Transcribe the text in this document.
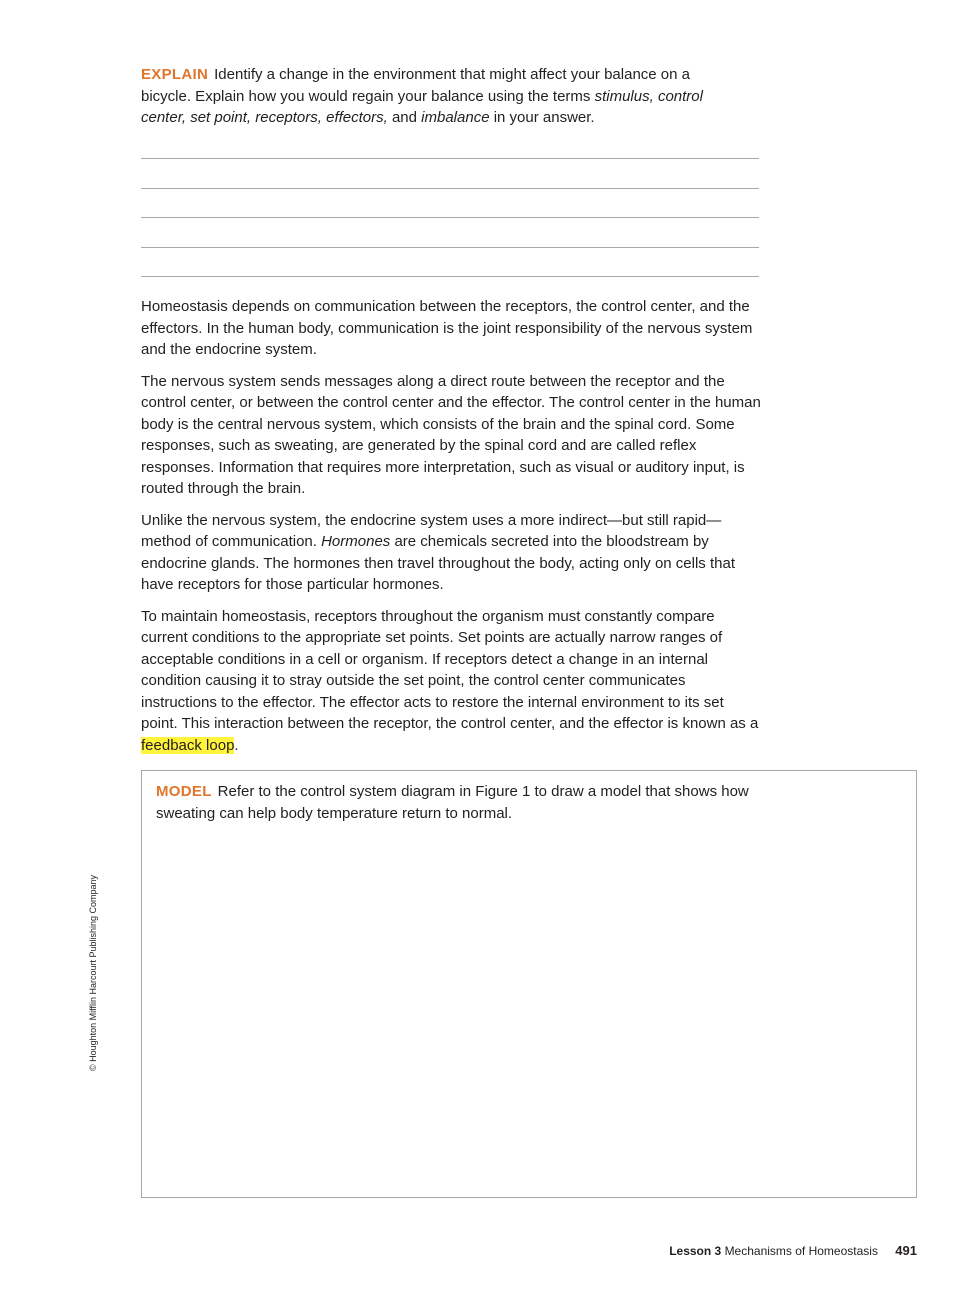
EXPLAIN Identify a change in the environment that might affect your balance on a bicycle. Explain how you would regain your balance using the terms stimulus, control center, set point, receptors, effectors, and imbalance in your answer.

Homeostasis depends on communication between the receptors, the control center, and the effectors. In the human body, communication is the joint responsibility of the nervous system and the endocrine system.

The nervous system sends messages along a direct route between the receptor and the control center, or between the control center and the effector. The control center in the human body is the central nervous system, which consists of the brain and the spinal cord. Some responses, such as sweating, are generated by the spinal cord and are called reflex responses. Information that requires more interpretation, such as visual or auditory input, is routed through the brain.

Unlike the nervous system, the endocrine system uses a more indirect—but still rapid—method of communication. Hormones are chemicals secreted into the bloodstream by endocrine glands. The hormones then travel throughout the body, acting only on cells that have receptors for those particular hormones.

To maintain homeostasis, receptors throughout the organism must constantly compare current conditions to the appropriate set points. Set points are actually narrow ranges of acceptable conditions in a cell or organism. If receptors detect a change in an internal condition causing it to stray outside the set point, the control center communicates instructions to the effector. The effector acts to restore the internal environment to its set point. This interaction between the receptor, the control center, and the effector is known as a feedback loop.

MODEL Refer to the control system diagram in Figure 1 to draw a model that shows how sweating can help body temperature return to normal.
© Houghton Mifflin Harcourt Publishing Company
Lesson 3 Mechanisms of Homeostasis 491
